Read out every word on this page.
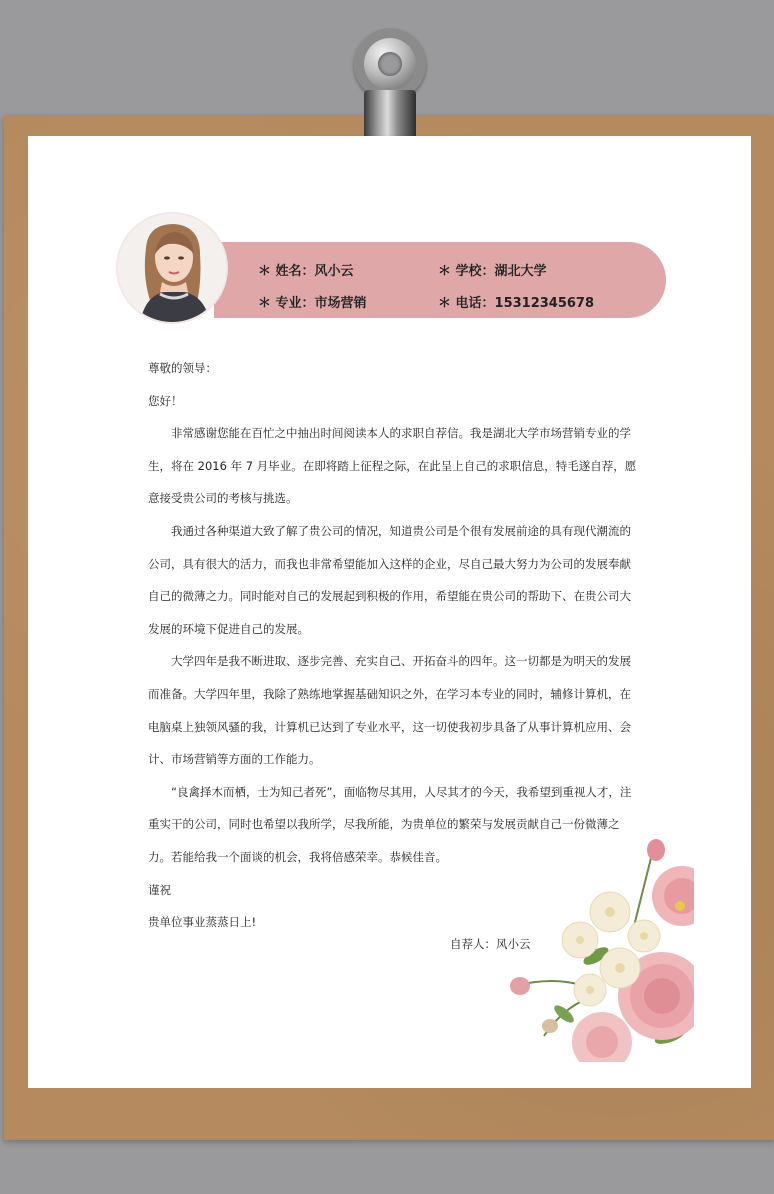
＊ 姓名：风小云	＊ 学校：湖北大学
＊ 专业：市场营销	＊ 电话：15312345678

尊敬的领导：

您好！

非常感谢您能在百忙之中抽出时间阅读本人的求职自荐信。我是湖北大学市场营销专业的学生，将在 2016 年 7 月毕业。在即将踏上征程之际，在此呈上自己的求职信息，特毛遂自荐，愿意接受贵公司的考核与挑选。

我通过各种渠道大致了解了贵公司的情况，知道贵公司是个很有发展前途的具有现代潮流的公司，具有很大的活力，而我也非常希望能加入这样的企业，尽自己最大努力为公司的发展奉献自己的微薄之力。同时能对自己的发展起到积极的作用，希望能在贵公司的帮助下、在贵公司大发展的环境下促进自己的发展。

大学四年是我不断进取、逐步完善、充实自己、开拓奋斗的四年。这一切都是为明天的发展而准备。大学四年里，我除了熟练地掌握基础知识之外，在学习本专业的同时，辅修计算机，在电脑桌上独领风骚的我，计算机已达到了专业水平，这一切使我初步具备了从事计算机应用、会计、市场营销等方面的工作能力。

“良禽择木而栖，士为知己者死”，面临物尽其用，人尽其才的今天，我希望到重视人才，注重实干的公司，同时也希望以我所学，尽我所能，为贵单位的繁荣与发展贡献自己一份微薄之力。若能给我一个面谈的机会，我将倍感荣幸。恭候佳音。

谨祝

贵单位事业蒸蒸日上!

自荐人：风小云
